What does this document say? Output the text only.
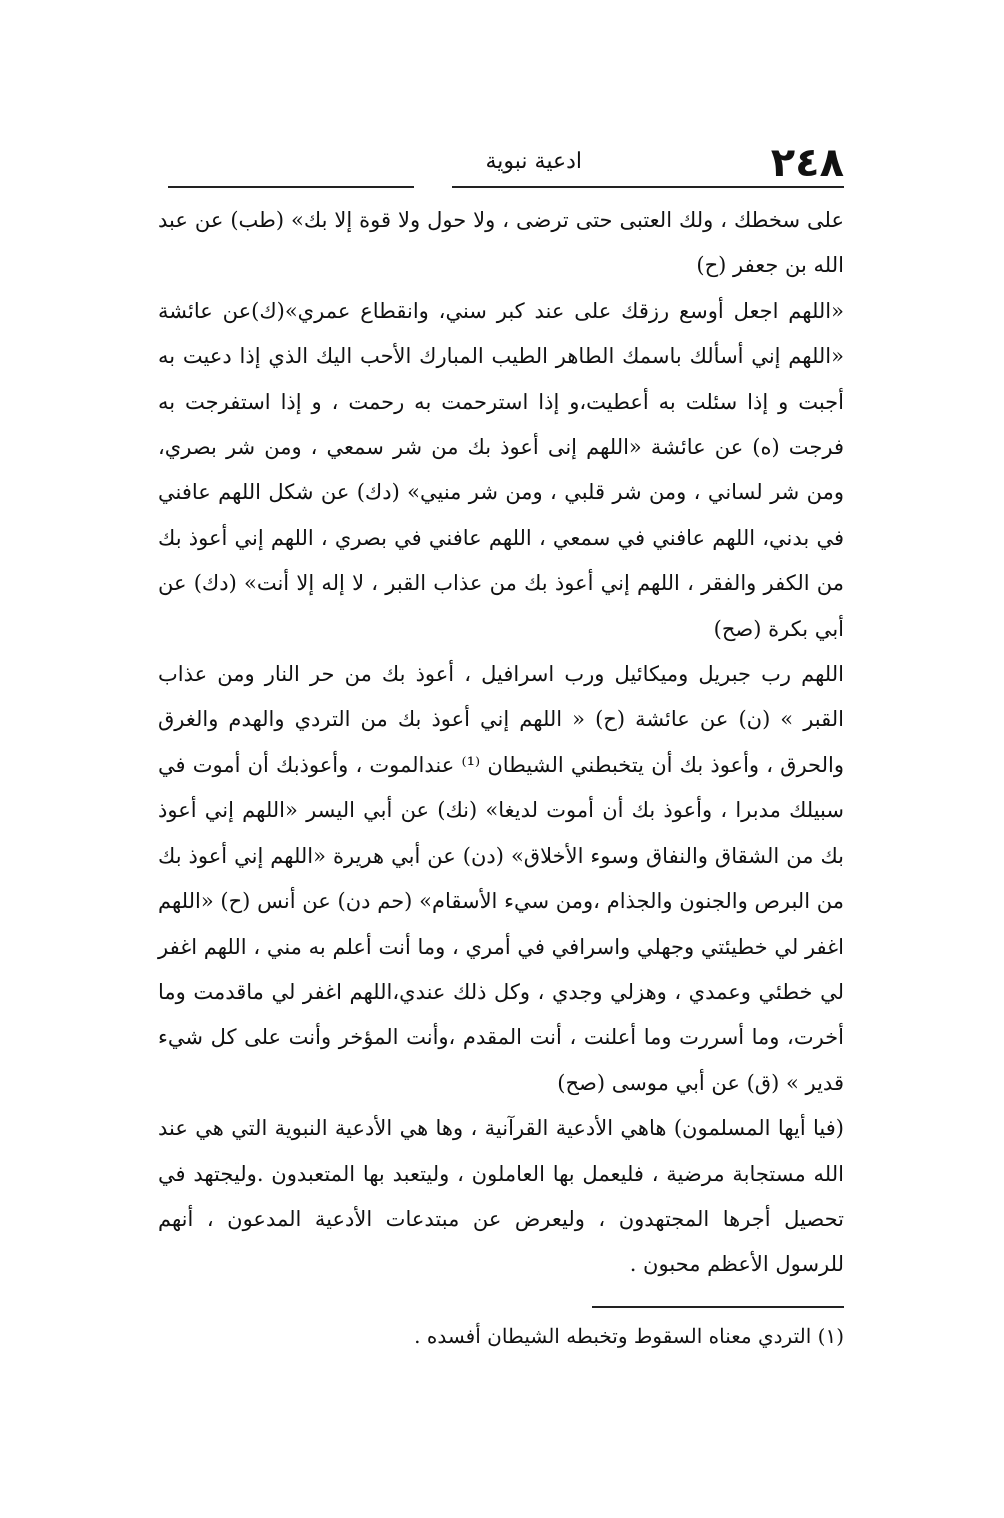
٢٤٨
ادعية نبوية

على سخطك ، ولك العتبى حتى ترضى ، ولا حول ولا قوة إلا بك» (طب) عن عبد الله بن جعفر (ح)

«اللهم اجعل أوسع رزقك على عند كبر سني، وانقطاع عمري»(ك)عن عائشة «اللهم إني أسألك باسمك الطاهر الطيب المبارك الأحب اليك الذي إذا دعيت به أجبت و إذا سئلت به أعطيت،و إذا استرحمت به رحمت ، و إذا استفرجت به فرجت (ه) عن عائشة «اللهم إنى أعوذ بك من شر سمعي ، ومن شر بصري، ومن شر لساني ، ومن شر قلبي ، ومن شر منيي» (دك) عن شكل اللهم عافني في بدني، اللهم عافني في سمعي ، اللهم عافني في بصري ، اللهم إني أعوذ بك من الكفر والفقر ، اللهم إني أعوذ بك من عذاب القبر ، لا إله إلا أنت» (دك) عن أبي بكرة (صح)

اللهم رب جبريل وميكائيل ورب اسرافيل ، أعوذ بك من حر النار ومن عذاب القبر » (ن) عن عائشة (ح) « اللهم إني أعوذ بك من التردي والهدم والغرق والحرق ، وأعوذ بك أن يتخبطني الشيطان ⁽¹⁾ عندالموت ، وأعوذبك أن أموت في سبيلك مدبرا ، وأعوذ بك أن أموت لديغا» (نك) عن أبي اليسر «اللهم إني أعوذ بك من الشقاق والنفاق وسوء الأخلاق» (دن) عن أبي هريرة «اللهم إني أعوذ بك من البرص والجنون والجذام ،ومن سيء الأسقام» (حم دن) عن أنس (ح) «اللهم اغفر لي خطيئتي وجهلي واسرافي في أمري ، وما أنت أعلم به مني ، اللهم اغفر لي خطئي وعمدي ، وهزلي وجدي ، وكل ذلك عندي،اللهم اغفر لي ماقدمت وما أخرت، وما أسررت وما أعلنت ، أنت المقدم ،وأنت المؤخر وأنت على كل شيء قدير » (ق) عن أبي موسى (صح)

(فيا أيها المسلمون) هاهي الأدعية القرآنية ، وها هي الأدعية النبوية التي هي عند الله مستجابة مرضية ، فليعمل بها العاملون ، وليتعبد بها المتعبدون .وليجتهد في تحصيل أجرها المجتهدون ، وليعرض عن مبتدعات الأدعية المدعون ، أنهم للرسول الأعظم محبون .

(١) التردي معناه السقوط وتخبطه الشيطان أفسده .
